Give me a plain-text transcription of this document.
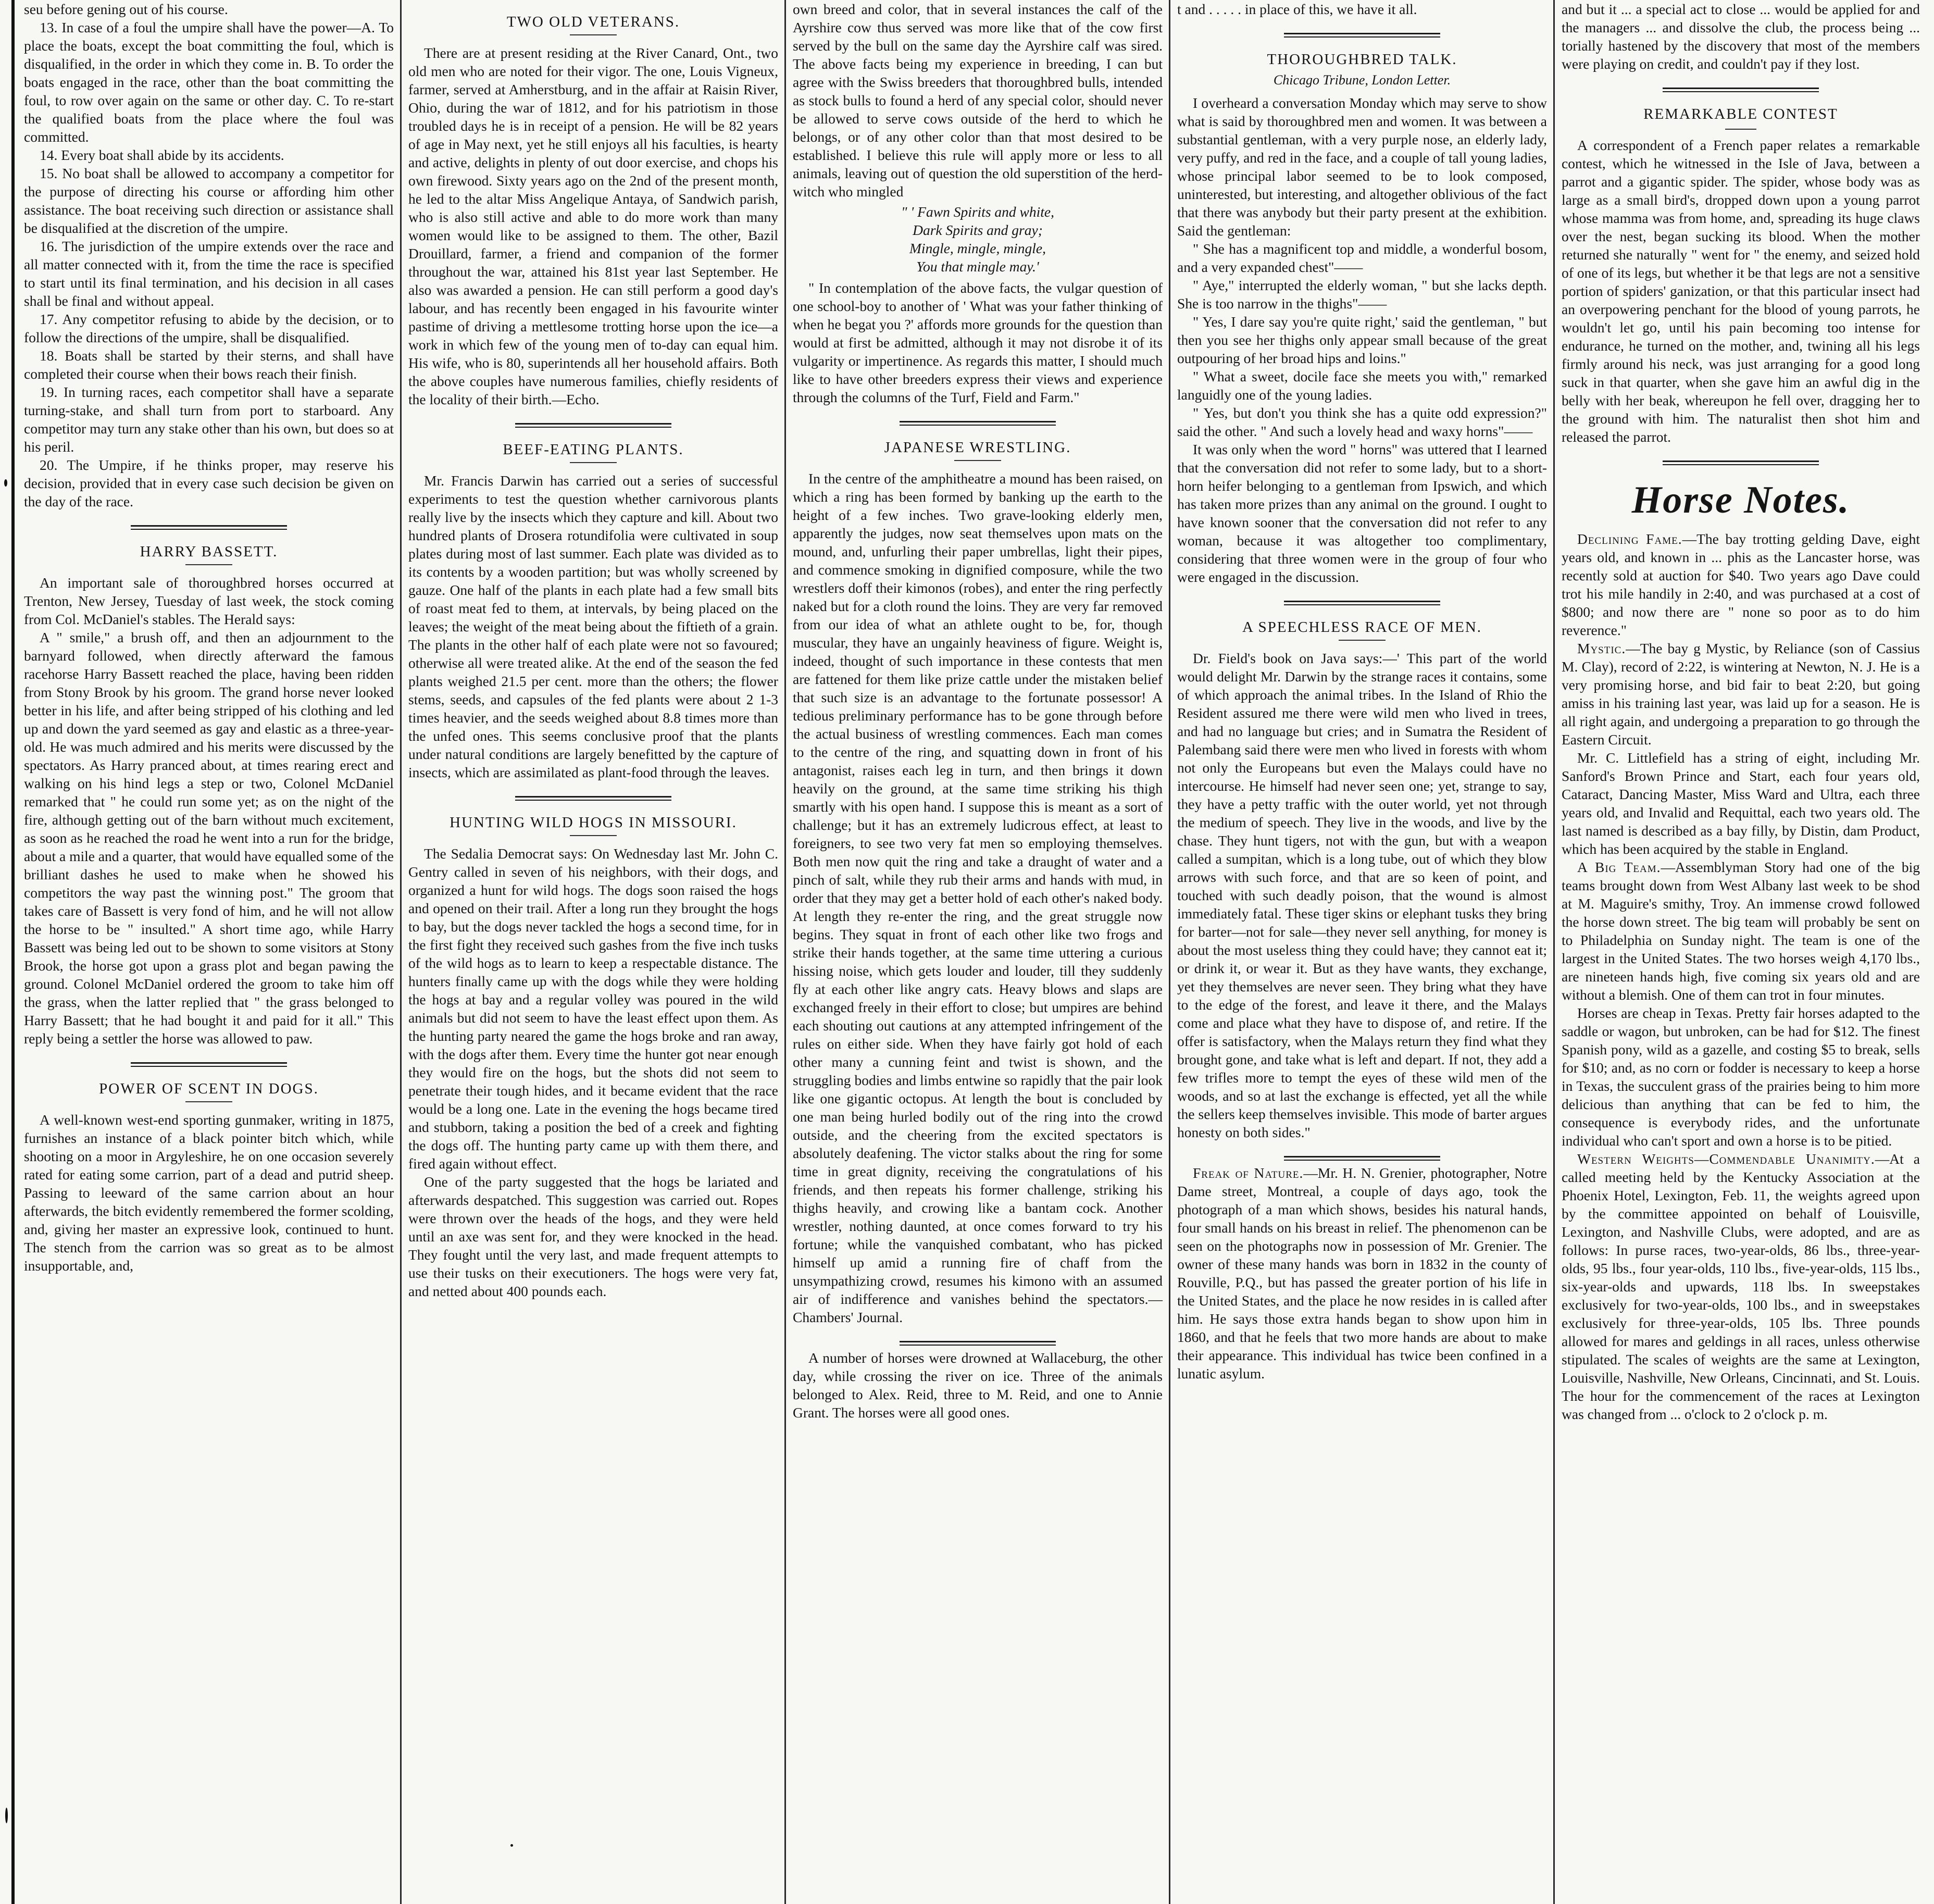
seu before gening out of his course.

13. In case of a foul the umpire shall have the power—A. To place the boats, except the boat committing the foul, which is disqualified, in the order in which they come in. B. To order the boats engaged in the race, other than the boat committing the foul, to row over again on the same or other day. C. To re-start the qualified boats from the place where the foul was committed.

14. Every boat shall abide by its accidents.

15. No boat shall be allowed to accompany a competitor for the purpose of directing his course or affording him other assistance. The boat receiving such direction or assistance shall be disqualified at the discretion of the umpire.

16. The jurisdiction of the umpire extends over the race and all matter connected with it, from the time the race is specified to start until its final termination, and his decision in all cases shall be final and without appeal.

17. Any competitor refusing to abide by the decision, or to follow the directions of the umpire, shall be disqualified.

18. Boats shall be started by their sterns, and shall have completed their course when their bows reach their finish.

19. In turning races, each competitor shall have a separate turning-stake, and shall turn from port to starboard. Any competitor may turn any stake other than his own, but does so at his peril.

20. The Umpire, if he thinks proper, may reserve his decision, provided that in every case such decision be given on the day of the race.

HARRY BASSETT.

An important sale of thoroughbred horses occurred at Trenton, New Jersey, Tuesday of last week, the stock coming from Col. McDaniel's stables. The Herald says:

A " smile," a brush off, and then an adjournment to the barnyard followed, when directly afterward the famous racehorse Harry Bassett reached the place, having been ridden from Stony Brook by his groom. The grand horse never looked better in his life, and after being stripped of his clothing and led up and down the yard seemed as gay and elastic as a three-year-old. He was much admired and his merits were discussed by the spectators. As Harry pranced about, at times rearing erect and walking on his hind legs a step or two, Colonel McDaniel remarked that " he could run some yet; as on the night of the fire, although getting out of the barn without much excitement, as soon as he reached the road he went into a run for the bridge, about a mile and a quarter, that would have equalled some of the brilliant dashes he used to make when he showed his competitors the way past the winning post." The groom that takes care of Bassett is very fond of him, and he will not allow the horse to be " insulted." A short time ago, while Harry Bassett was being led out to be shown to some visitors at Stony Brook, the horse got upon a grass plot and began pawing the ground. Colonel McDaniel ordered the groom to take him off the grass, when the latter replied that " the grass belonged to Harry Bassett; that he had bought it and paid for it all." This reply being a settler the horse was allowed to paw.

POWER OF SCENT IN DOGS.

A well-known west-end sporting gunmaker, writing in 1875, furnishes an instance of a black pointer bitch which, while shooting on a moor in Argyleshire, he on one occasion severely rated for eating some carrion, part of a dead and putrid sheep. Passing to leeward of the same carrion about an hour afterwards, the bitch evidently remembered the former scolding, and, giving her master an expressive look, continued to hunt. The stench from the carrion was so great as to be almost insupportable, and,

TWO OLD VETERANS.

There are at present residing at the River Canard, Ont., two old men who are noted for their vigor. The one, Louis Vigneux, farmer, served at Amherstburg, and in the affair at Raisin River, Ohio, during the war of 1812, and for his patriotism in those troubled days he is in receipt of a pension. He will be 82 years of age in May next, yet he still enjoys all his faculties, is hearty and active, delights in plenty of out door exercise, and chops his own firewood. Sixty years ago on the 2nd of the present month, he led to the altar Miss Angelique Antaya, of Sandwich parish, who is also still active and able to do more work than many women would like to be assigned to them. The other, Bazil Drouillard, farmer, a friend and companion of the former throughout the war, attained his 81st year last September. He also was awarded a pension. He can still perform a good day's labour, and has recently been engaged in his favourite winter pastime of driving a mettlesome trotting horse upon the ice—a work in which few of the young men of to-day can equal him. His wife, who is 80, superintends all her household affairs. Both the above couples have numerous families, chiefly residents of the locality of their birth.—Echo.

BEEF-EATING PLANTS.

Mr. Francis Darwin has carried out a series of successful experiments to test the question whether carnivorous plants really live by the insects which they capture and kill. About two hundred plants of Drosera rotundifolia were cultivated in soup plates during most of last summer. Each plate was divided as to its contents by a wooden partition; but was wholly screened by gauze. One half of the plants in each plate had a few small bits of roast meat fed to them, at intervals, by being placed on the leaves; the weight of the meat being about the fiftieth of a grain. The plants in the other half of each plate were not so favoured; otherwise all were treated alike. At the end of the season the fed plants weighed 21.5 per cent. more than the others; the flower stems, seeds, and capsules of the fed plants were about 2 1-3 times heavier, and the seeds weighed about 8.8 times more than the unfed ones. This seems conclusive proof that the plants under natural conditions are largely benefitted by the capture of insects, which are assimilated as plant-food through the leaves.

HUNTING WILD HOGS IN MISSOURI.

The Sedalia Democrat says: On Wednesday last Mr. John C. Gentry called in seven of his neighbors, with their dogs, and organized a hunt for wild hogs. The dogs soon raised the hogs and opened on their trail. After a long run they brought the hogs to bay, but the dogs never tackled the hogs a second time, for in the first fight they received such gashes from the five inch tusks of the wild hogs as to learn to keep a respectable distance. The hunters finally came up with the dogs while they were holding the hogs at bay and a regular volley was poured in the wild animals but did not seem to have the least effect upon them. As the hunting party neared the game the hogs broke and ran away, with the dogs after them. Every time the hunter got near enough they would fire on the hogs, but the shots did not seem to penetrate their tough hides, and it became evident that the race would be a long one. Late in the evening the hogs became tired and stubborn, taking a position the bed of a creek and fighting the dogs off. The hunting party came up with them there, and fired again without effect.

One of the party suggested that the hogs be lariated and afterwards despatched. This suggestion was carried out. Ropes were thrown over the heads of the hogs, and they were held until an axe was sent for, and they were knocked in the head. They fought until the very last, and made frequent attempts to use their tusks on their executioners. The hogs were very fat, and netted about 400 pounds each.

own breed and color, that in several instances the calf of the Ayrshire cow thus served was more like that of the cow first served by the bull on the same day the Ayrshire calf was sired. The above facts being my experience in breeding, I can but agree with the Swiss breeders that thoroughbred bulls, intended as stock bulls to found a herd of any special color, should never be allowed to serve cows outside of the herd to which he belongs, or of any other color than that most desired to be established. I believe this rule will apply more or less to all animals, leaving out of question the old superstition of the herd-witch who mingled

" ' Fawn Spirits and white,

Dark Spirits and gray;

Mingle, mingle, mingle,

You that mingle may.'

" In contemplation of the above facts, the vulgar question of one school-boy to another of ' What was your father thinking of when he begat you ?' affords more grounds for the question than would at first be admitted, although it may not disrobe it of its vulgarity or impertinence. As regards this matter, I should much like to have other breeders express their views and experience through the columns of the Turf, Field and Farm."

JAPANESE WRESTLING.

In the centre of the amphitheatre a mound has been raised, on which a ring has been formed by banking up the earth to the height of a few inches. Two grave-looking elderly men, apparently the judges, now seat themselves upon mats on the mound, and, unfurling their paper umbrellas, light their pipes, and commence smoking in dignified composure, while the two wrestlers doff their kimonos (robes), and enter the ring perfectly naked but for a cloth round the loins. They are very far removed from our idea of what an athlete ought to be, for, though muscular, they have an ungainly heaviness of figure. Weight is, indeed, thought of such importance in these contests that men are fattened for them like prize cattle under the mistaken belief that such size is an advantage to the fortunate possessor! A tedious preliminary performance has to be gone through before the actual business of wrestling commences. Each man comes to the centre of the ring, and squatting down in front of his antagonist, raises each leg in turn, and then brings it down heavily on the ground, at the same time striking his thigh smartly with his open hand. I suppose this is meant as a sort of challenge; but it has an extremely ludicrous effect, at least to foreigners, to see two very fat men so employing themselves. Both men now quit the ring and take a draught of water and a pinch of salt, while they rub their arms and hands with mud, in order that they may get a better hold of each other's naked body. At length they re-enter the ring, and the great struggle now begins. They squat in front of each other like two frogs and strike their hands together, at the same time uttering a curious hissing noise, which gets louder and louder, till they suddenly fly at each other like angry cats. Heavy blows and slaps are exchanged freely in their effort to close; but umpires are behind each shouting out cautions at any attempted infringement of the rules on either side. When they have fairly got hold of each other many a cunning feint and twist is shown, and the struggling bodies and limbs entwine so rapidly that the pair look like one gigantic octopus. At length the bout is concluded by one man being hurled bodily out of the ring into the crowd outside, and the cheering from the excited spectators is absolutely deafening. The victor stalks about the ring for some time in great dignity, receiving the congratulations of his friends, and then repeats his former challenge, striking his thighs heavily, and crowing like a bantam cock. Another wrestler, nothing daunted, at once comes forward to try his fortune; while the vanquished combatant, who has picked himself up amid a running fire of chaff from the unsympathizing crowd, resumes his kimono with an assumed air of indifference and vanishes behind the spectators.—Chambers' Journal.

A number of horses were drowned at Wallaceburg, the other day, while crossing the river on ice. Three of the animals belonged to Alex. Reid, three to M. Reid, and one to Annie Grant. The horses were all good ones.

t and . . . . . in place of this, we have it all.

THOROUGHBRED TALK.

Chicago Tribune, London Letter.

I overheard a conversation Monday which may serve to show what is said by thoroughbred men and women. It was between a substantial gentleman, with a very purple nose, an elderly lady, very puffy, and red in the face, and a couple of tall young ladies, whose principal labor seemed to be to look composed, uninterested, but interesting, and altogether oblivious of the fact that there was anybody but their party present at the exhibition. Said the gentleman:

" She has a magnificent top and middle, a wonderful bosom, and a very expanded chest"——

" Aye," interrupted the elderly woman, " but she lacks depth. She is too narrow in the thighs"——

" Yes, I dare say you're quite right,' said the gentleman, " but then you see her thighs only appear small because of the great outpouring of her broad hips and loins."

" What a sweet, docile face she meets you with," remarked languidly one of the young ladies.

" Yes, but don't you think she has a quite odd expression?" said the other. " And such a lovely head and waxy horns"——

It was only when the word " horns" was uttered that I learned that the conversation did not refer to some lady, but to a short-horn heifer belonging to a gentleman from Ipswich, and which has taken more prizes than any animal on the ground. I ought to have known sooner that the conversation did not refer to any woman, because it was altogether too complimentary, considering that three women were in the group of four who were engaged in the discussion.

A SPEECHLESS RACE OF MEN.

Dr. Field's book on Java says:—' This part of the world would delight Mr. Darwin by the strange races it contains, some of which approach the animal tribes. In the Island of Rhio the Resident assured me there were wild men who lived in trees, and had no language but cries; and in Sumatra the Resident of Palembang said there were men who lived in forests with whom not only the Europeans but even the Malays could have no intercourse. He himself had never seen one; yet, strange to say, they have a petty traffic with the outer world, yet not through the medium of speech. They live in the woods, and live by the chase. They hunt tigers, not with the gun, but with a weapon called a sumpitan, which is a long tube, out of which they blow arrows with such force, and that are so keen of point, and touched with such deadly poison, that the wound is almost immediately fatal. These tiger skins or elephant tusks they bring for barter—not for sale—they never sell anything, for money is about the most useless thing they could have; they cannot eat it; or drink it, or wear it. But as they have wants, they exchange, yet they themselves are never seen. They bring what they have to the edge of the forest, and leave it there, and the Malays come and place what they have to dispose of, and retire. If the offer is satisfactory, when the Malays return they find what they brought gone, and take what is left and depart. If not, they add a few trifles more to tempt the eyes of these wild men of the woods, and so at last the exchange is effected, yet all the while the sellers keep themselves invisible. This mode of barter argues honesty on both sides."

Freak of Nature.—Mr. H. N. Grenier, photographer, Notre Dame street, Montreal, a couple of days ago, took the photograph of a man which shows, besides his natural hands, four small hands on his breast in relief. The phenomenon can be seen on the photographs now in possession of Mr. Grenier. The owner of these many hands was born in 1832 in the county of Rouville, P.Q., but has passed the greater portion of his life in the United States, and the place he now resides in is called after him. He says those extra hands began to show upon him in 1860, and that he feels that two more hands are about to make their appearance. This individual has twice been confined in a lunatic asylum.

and but it ... a special act to close ... would be applied for and the managers ... and dissolve the club, the process being ... torially hastened by the discovery that most of the members were playing on credit, and couldn't pay if they lost.

REMARKABLE CONTEST

A correspondent of a French paper relates a remarkable contest, which he witnessed in the Isle of Java, between a parrot and a gigantic spider. The spider, whose body was as large as a small bird's, dropped down upon a young parrot whose mamma was from home, and, spreading its huge claws over the nest, began sucking its blood. When the mother returned she naturally " went for " the enemy, and seized hold of one of its legs, but whether it be that legs are not a sensitive portion of spiders' ganization, or that this particular insect had an overpowering penchant for the blood of young parrots, he wouldn't let go, until his pain becoming too intense for endurance, he turned on the mother, and, twining all his legs firmly around his neck, was just arranging for a good long suck in that quarter, when she gave him an awful dig in the belly with her beak, whereupon he fell over, dragging her to the ground with him. The naturalist then shot him and released the parrot.

Horse Notes.

Declining Fame.—The bay trotting gelding Dave, eight years old, and known in ... phis as the Lancaster horse, was recently sold at auction for $40. Two years ago Dave could trot his mile handily in 2:40, and was purchased at a cost of $800; and now there are " none so poor as to do him reverence."

Mystic.—The bay g Mystic, by Reliance (son of Cassius M. Clay), record of 2:22, is wintering at Newton, N. J. He is a very promising horse, and bid fair to beat 2:20, but going amiss in his training last year, was laid up for a season. He is all right again, and undergoing a preparation to go through the Eastern Circuit.

Mr. C. Littlefield has a string of eight, including Mr. Sanford's Brown Prince and Start, each four years old, Cataract, Dancing Master, Miss Ward and Ultra, each three years old, and Invalid and Requittal, each two years old. The last named is described as a bay filly, by Distin, dam Product, which has been acquired by the stable in England.

A Big Team.—Assemblyman Story had one of the big teams brought down from West Albany last week to be shod at M. Maguire's smithy, Troy. An immense crowd followed the horse down street. The big team will probably be sent on to Philadelphia on Sunday night. The team is one of the largest in the United States. The two horses weigh 4,170 lbs., are nineteen hands high, five coming six years old and are without a blemish. One of them can trot in four minutes.

Horses are cheap in Texas. Pretty fair horses adapted to the saddle or wagon, but unbroken, can be had for $12. The finest Spanish pony, wild as a gazelle, and costing $5 to break, sells for $10; and, as no corn or fodder is necessary to keep a horse in Texas, the succulent grass of the prairies being to him more delicious than anything that can be fed to him, the consequence is everybody rides, and the unfortunate individual who can't sport and own a horse is to be pitied.

Western Weights—Commendable Unanimity.—At a called meeting held by the Kentucky Association at the Phoenix Hotel, Lexington, Feb. 11, the weights agreed upon by the committee appointed on behalf of Louisville, Lexington, and Nashville Clubs, were adopted, and are as follows: In purse races, two-year-olds, 86 lbs., three-year-olds, 95 lbs., four year-olds, 110 lbs., five-year-olds, 115 lbs., six-year-olds and upwards, 118 lbs. In sweepstakes exclusively for two-year-olds, 100 lbs., and in sweepstakes exclusively for three-year-olds, 105 lbs. Three pounds allowed for mares and geldings in all races, unless otherwise stipulated. The scales of weights are the same at Lexington, Louisville, Nashville, New Orleans, Cincinnati, and St. Louis. The hour for the commencement of the races at Lexington was changed from ... o'clock to 2 o'clock p. m.
